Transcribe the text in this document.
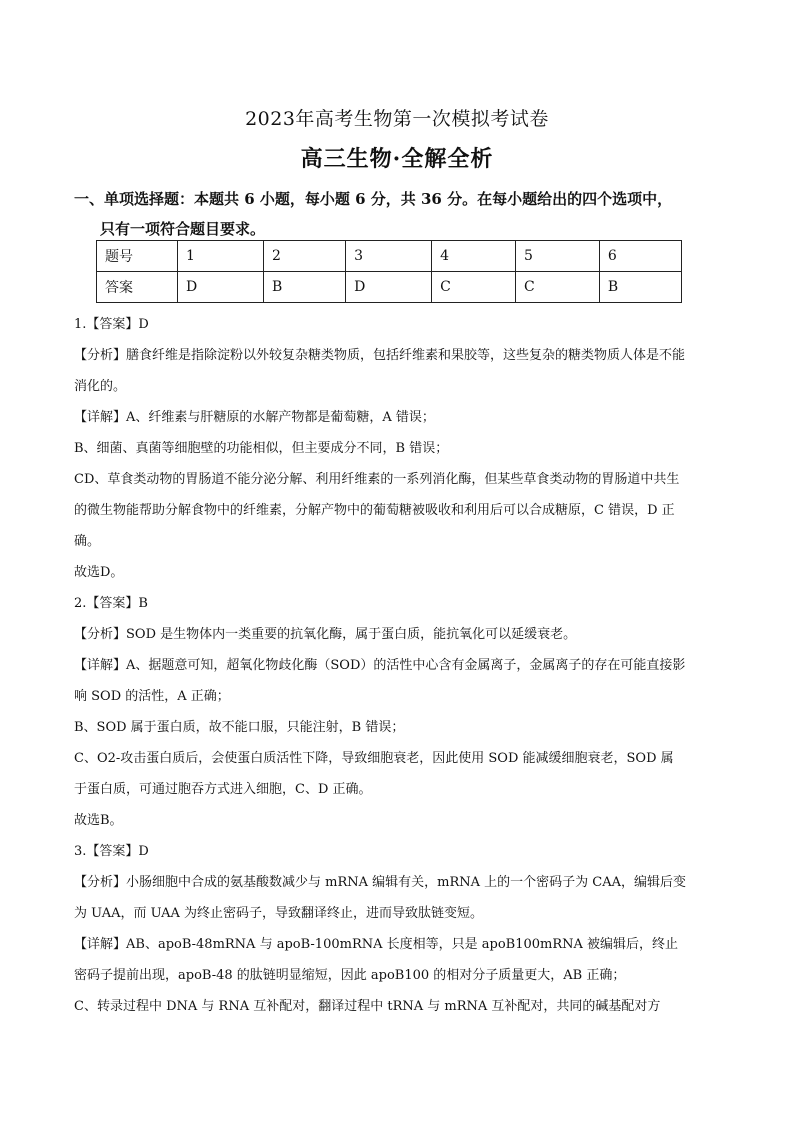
2023年高考生物第一次模拟考试卷
高三生物·全解全析
一、单项选择题：本题共 6 小题，每小题 6 分，共 36 分。在每小题给出的四个选项中，
只有一项符合题目要求。
题号	1	2	3	4	5	6
答案	D	B	D	C	C	B

1.【答案】D

【分析】膳食纤维是指除淀粉以外较复杂糖类物质，包括纤维素和果胶等，这些复杂的糖类物质人体是不能消化的。

【详解】A、纤维素与肝糖原的水解产物都是葡萄糖，A 错误；

B、细菌、真菌等细胞壁的功能相似，但主要成分不同，B 错误；

CD、草食类动物的胃肠道不能分泌分解、利用纤维素的一系列消化酶，但某些草食类动物的胃肠道中共生的微生物能帮助分解食物中的纤维素，分解产物中的葡萄糖被吸收和利用后可以合成糖原，C 错误，D 正确。

故选D。

2.【答案】B

【分析】SOD 是生物体内一类重要的抗氧化酶，属于蛋白质，能抗氧化可以延缓衰老。

【详解】A、据题意可知，超氧化物歧化酶（SOD）的活性中心含有金属离子，金属离子的存在可能直接影响 SOD 的活性，A 正确；

B、SOD 属于蛋白质，故不能口服，只能注射，B 错误；

C、O2-攻击蛋白质后，会使蛋白质活性下降，导致细胞衰老，因此使用 SOD 能减缓细胞衰老，SOD 属于蛋白质，可通过胞吞方式进入细胞，C、D 正确。

故选B。

3.【答案】D

【分析】小肠细胞中合成的氨基酸数减少与 mRNA 编辑有关，mRNA 上的一个密码子为 CAA，编辑后变为 UAA，而 UAA 为终止密码子，导致翻译终止，进而导致肽链变短。

【详解】AB、apoB-48mRNA 与 apoB-100mRNA 长度相等，只是 apoB100mRNA 被编辑后，终止密码子提前出现，apoB-48 的肽链明显缩短，因此 apoB100 的相对分子质量更大，AB 正确；

C、转录过程中 DNA 与 RNA 互补配对，翻译过程中 tRNA 与 mRNA 互补配对，共同的碱基配对方
